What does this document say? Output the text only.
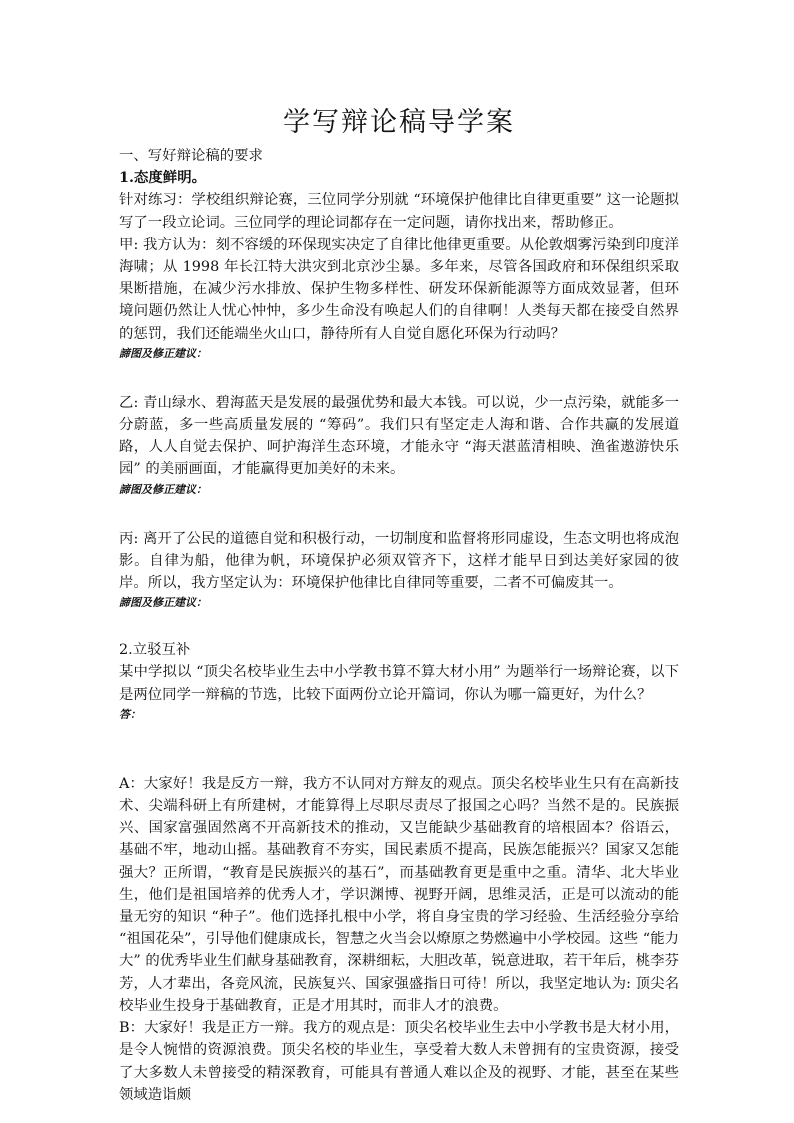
学写辩论稿导学案

一、写好辩论稿的要求

1.态度鲜明。

针对练习：学校组织辩论赛，三位同学分别就 “环境保护他律比自律更重要” 这一论题拟写了一段立论词。三位同学的理论词都存在一定问题，请你找出来，帮助修正。

甲: 我方认为：刻不容缓的环保现实决定了自律比他律更重要。从伦敦烟雾污染到印度洋海啸；从 1998 年长江特大洪灾到北京沙尘暴。多年来，尽管各国政府和环保组织采取果断措施，在减少污水排放、保护生物多样性、研发环保新能源等方面成效显著，但环境问题仍然让人忧心忡忡，多少生命没有唤起人们的自律啊！人类每天都在接受自然界的惩罚，我们还能端坐火山口，静待所有人自觉自愿化环保为行动吗？

諦图及修正建议：

乙: 青山绿水、碧海蓝天是发展的最强优势和最大本钱。可以说，少一点污染，就能多一分蔚蓝，多一些高质量发展的 “筹码”。我们只有坚定走人海和谐、合作共赢的发展道路，人人自觉去保护、呵护海洋生态环境，才能永守 “海天湛蓝清相映、渔雀遨游快乐园” 的美丽画面，才能赢得更加美好的未来。

諦图及修正建议：

丙: 离开了公民的道德自觉和积极行动，一切制度和监督将形同虚设，生态文明也将成泡影。自律为船，他律为帆，环境保护必须双管齐下，这样才能早日到达美好家园的彼岸。所以，我方坚定认为：环境保护他律比自律同等重要，二者不可偏废其一。

諦图及修正建议：

2.立驳互补

某中学拟以 “顶尖名校毕业生去中小学教书算不算大材小用” 为题举行一场辩论赛，以下是两位同学一辩稿的节选，比较下面两份立论开篇词，你认为哪一篇更好，为什么？

答：

A：大家好！我是反方一辩，我方不认同对方辩友的观点。顶尖名校毕业生只有在高新技术、尖端科研上有所建树，才能算得上尽职尽责尽了报国之心吗？当然不是的。民族振兴、国家富强固然离不开高新技术的推动，又岂能缺少基础教育的培根固本？俗语云，基础不牢，地动山摇。基础教育不夯实，国民素质不提高，民族怎能振兴？国家又怎能强大？正所谓，“教育是民族振兴的基石”，而基础教育更是重中之重。清华、北大毕业生，他们是祖国培养的优秀人才，学识渊博、视野开阔，思维灵活，正是可以流动的能量无穷的知识 “种子”。他们选择扎根中小学，将自身宝贵的学习经验、生活经验分享给 “祖国花朵”，引导他们健康成长，智慧之火当会以燎原之势燃遍中小学校园。这些 “能力大” 的优秀毕业生们献身基础教育，深耕细耘，大胆改革，锐意进取，若干年后，桃李芬芳，人才辈出，各竞风流，民族复兴、国家强盛指日可待！所以，我坚定地认为: 顶尖名校毕业生投身于基础教育，正是才用其时，而非人才的浪费。

B：大家好！我是正方一辩。我方的观点是：顶尖名校毕业生去中小学教书是大材小用，是令人惋惜的资源浪费。顶尖名校的毕业生，享受着大数人未曾拥有的宝贵资源，接受了大多数人未曾接受的精深教育，可能具有普通人难以企及的视野、才能，甚至在某些领域造诣颇
